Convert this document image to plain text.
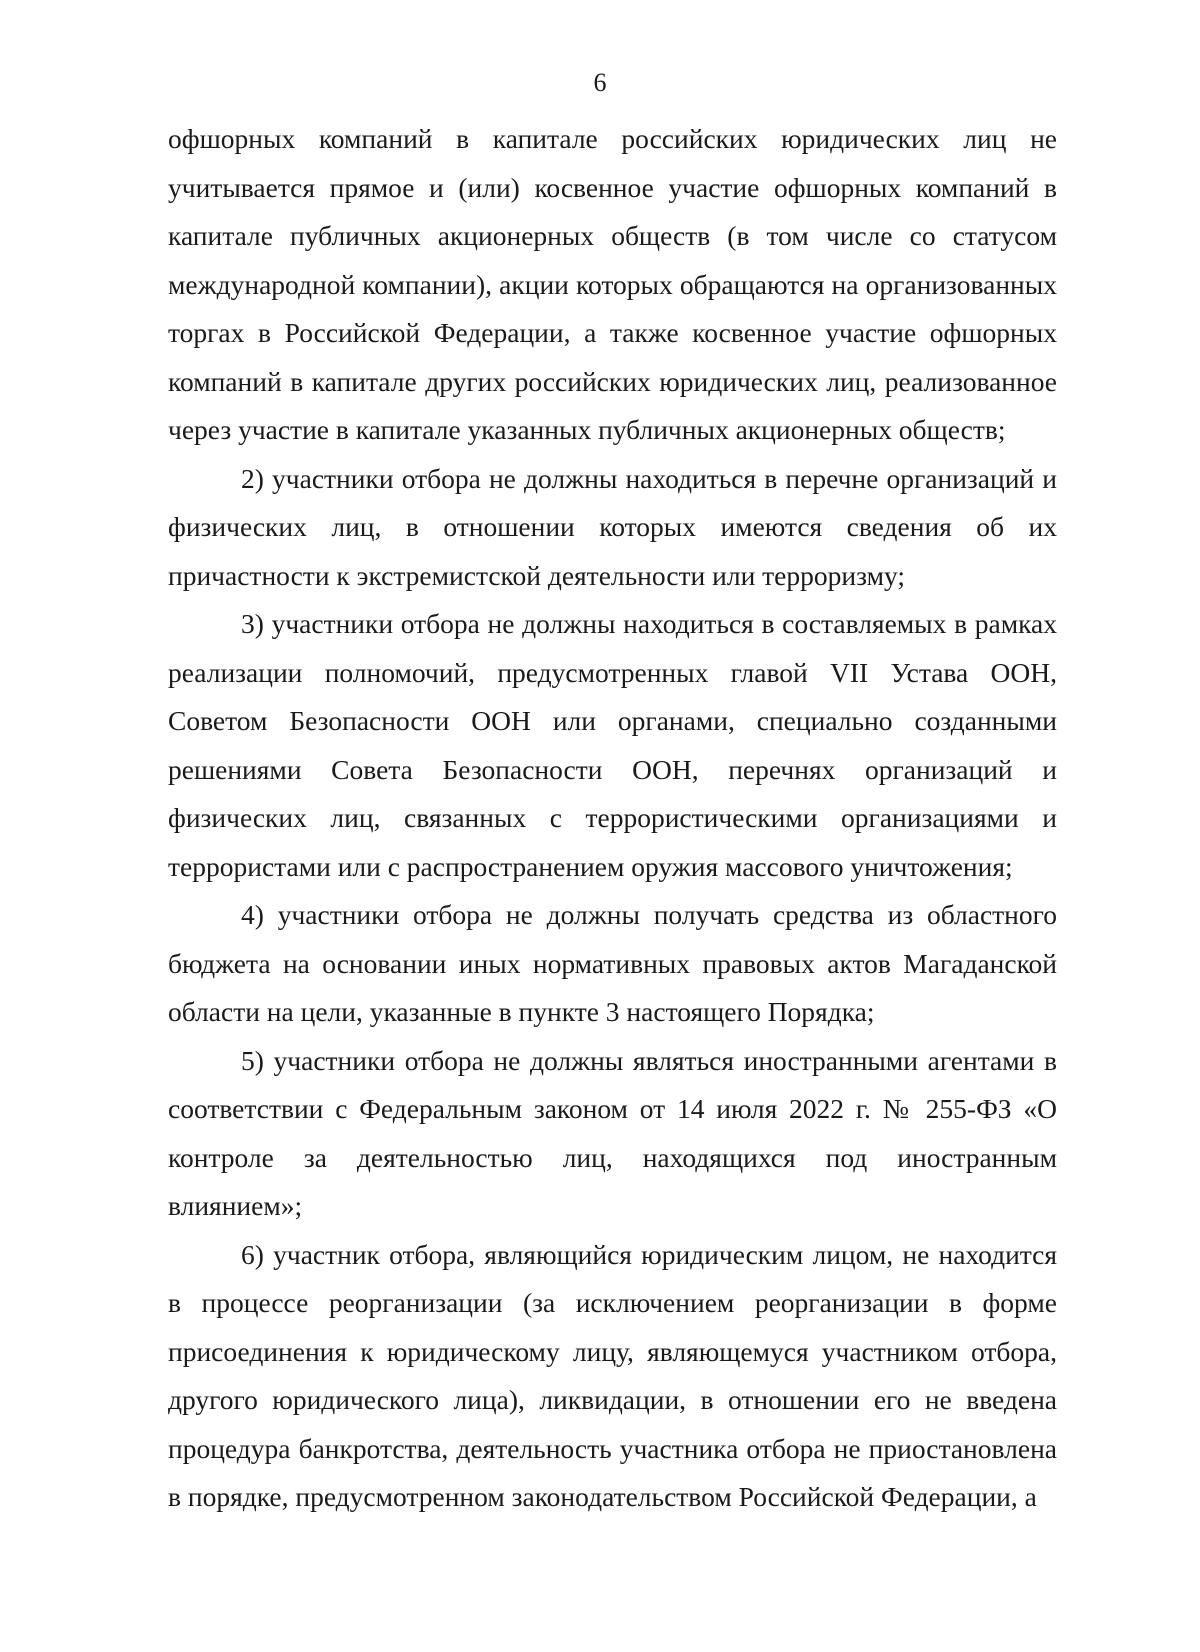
6

офшорных компаний в капитале российских юридических лиц не учитывается прямое и (или) косвенное участие офшорных компаний в капитале публичных акционерных обществ (в том числе со статусом международной компании), акции которых обращаются на организованных торгах в Российской Федерации, а также косвенное участие офшорных компаний в капитале других российских юридических лиц, реализованное через участие в капитале указанных публичных акционерных обществ;

2) участники отбора не должны находиться в перечне организаций и физических лиц, в отношении которых имеются сведения об их причастности к экстремистской деятельности или терроризму;

3) участники отбора не должны находиться в составляемых в рамках реализации полномочий, предусмотренных главой VII Устава ООН, Советом Безопасности ООН или органами, специально созданными решениями Совета Безопасности ООН, перечнях организаций и физических лиц, связанных с террористическими организациями и террористами или с распространением оружия массового уничтожения;

4) участники отбора не должны получать средства из областного бюджета на основании иных нормативных правовых актов Магаданской области на цели, указанные в пункте 3 настоящего Порядка;

5) участники отбора не должны являться иностранными агентами в соответствии с Федеральным законом от 14 июля 2022 г. № 255-ФЗ «О контроле за деятельностью лиц, находящихся под иностранным влиянием»;

6) участник отбора, являющийся юридическим лицом, не находится в процессе реорганизации (за исключением реорганизации в форме присоединения к юридическому лицу, являющемуся участником отбора, другого юридического лица), ликвидации, в отношении его не введена процедура банкротства, деятельность участника отбора не приостановлена в порядке, предусмотренном законодательством Российской Федерации, а
